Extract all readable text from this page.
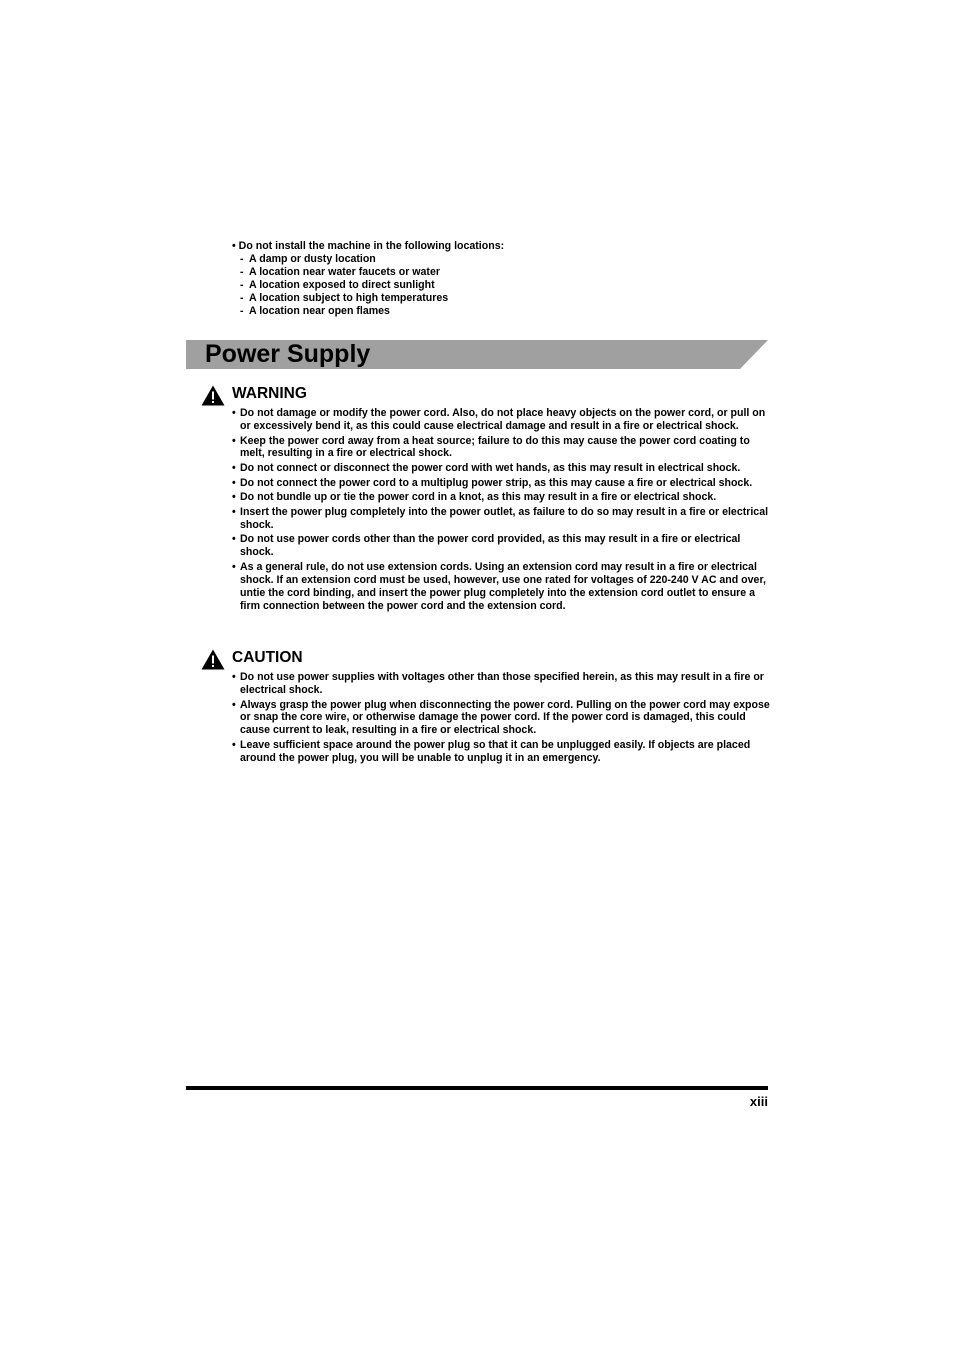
• Do not install the machine in the following locations:

- A damp or dusty location

- A location near water faucets or water

- A location exposed to direct sunlight

- A location subject to high temperatures

- A location near open flames

Power Supply
WARNING
• Do not damage or modify the power cord. Also, do not place heavy objects on the power cord, or pull on or excessively bend it, as this could cause electrical damage and result in a fire or electrical shock.
• Keep the power cord away from a heat source; failure to do this may cause the power cord coating to melt, resulting in a fire or electrical shock.
• Do not connect or disconnect the power cord with wet hands, as this may result in electrical shock.
• Do not connect the power cord to a multiplug power strip, as this may cause a fire or electrical shock.
• Do not bundle up or tie the power cord in a knot, as this may result in a fire or electrical shock.
• Insert the power plug completely into the power outlet, as failure to do so may result in a fire or electrical shock.
• Do not use power cords other than the power cord provided, as this may result in a fire or electrical shock.
• As a general rule, do not use extension cords. Using an extension cord may result in a fire or electrical shock. If an extension cord must be used, however, use one rated for voltages of 220-240 V AC and over, untie the cord binding, and insert the power plug completely into the extension cord outlet to ensure a firm connection between the power cord and the extension cord.
CAUTION
• Do not use power supplies with voltages other than those specified herein, as this may result in a fire or electrical shock.
• Always grasp the power plug when disconnecting the power cord. Pulling on the power cord may expose or snap the core wire, or otherwise damage the power cord. If the power cord is damaged, this could cause current to leak, resulting in a fire or electrical shock.
• Leave sufficient space around the power plug so that it can be unplugged easily. If objects are placed around the power plug, you will be unable to unplug it in an emergency.
xiii
